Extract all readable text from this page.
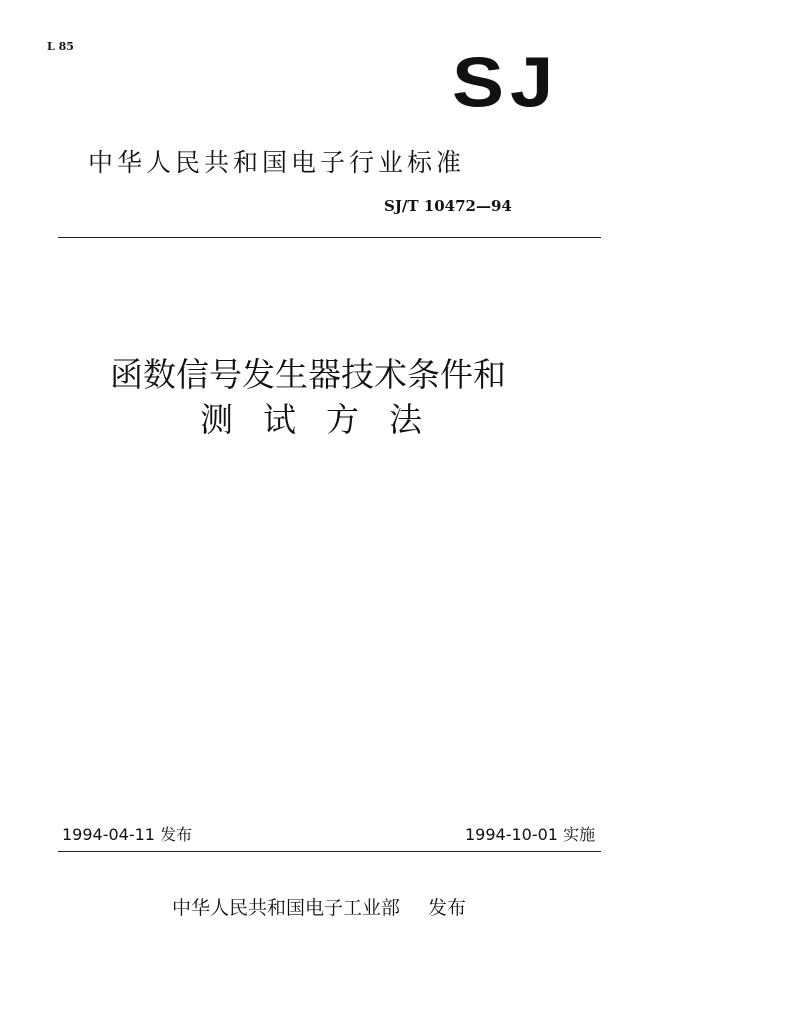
L 85	SJ
中华人民共和国电子行业标准
SJ/T 10472—94
函数信号发生器技术条件和
测试方法
1994-04-11 发布	1994-10-01 实施
中华人民共和国电子工业部 发布
